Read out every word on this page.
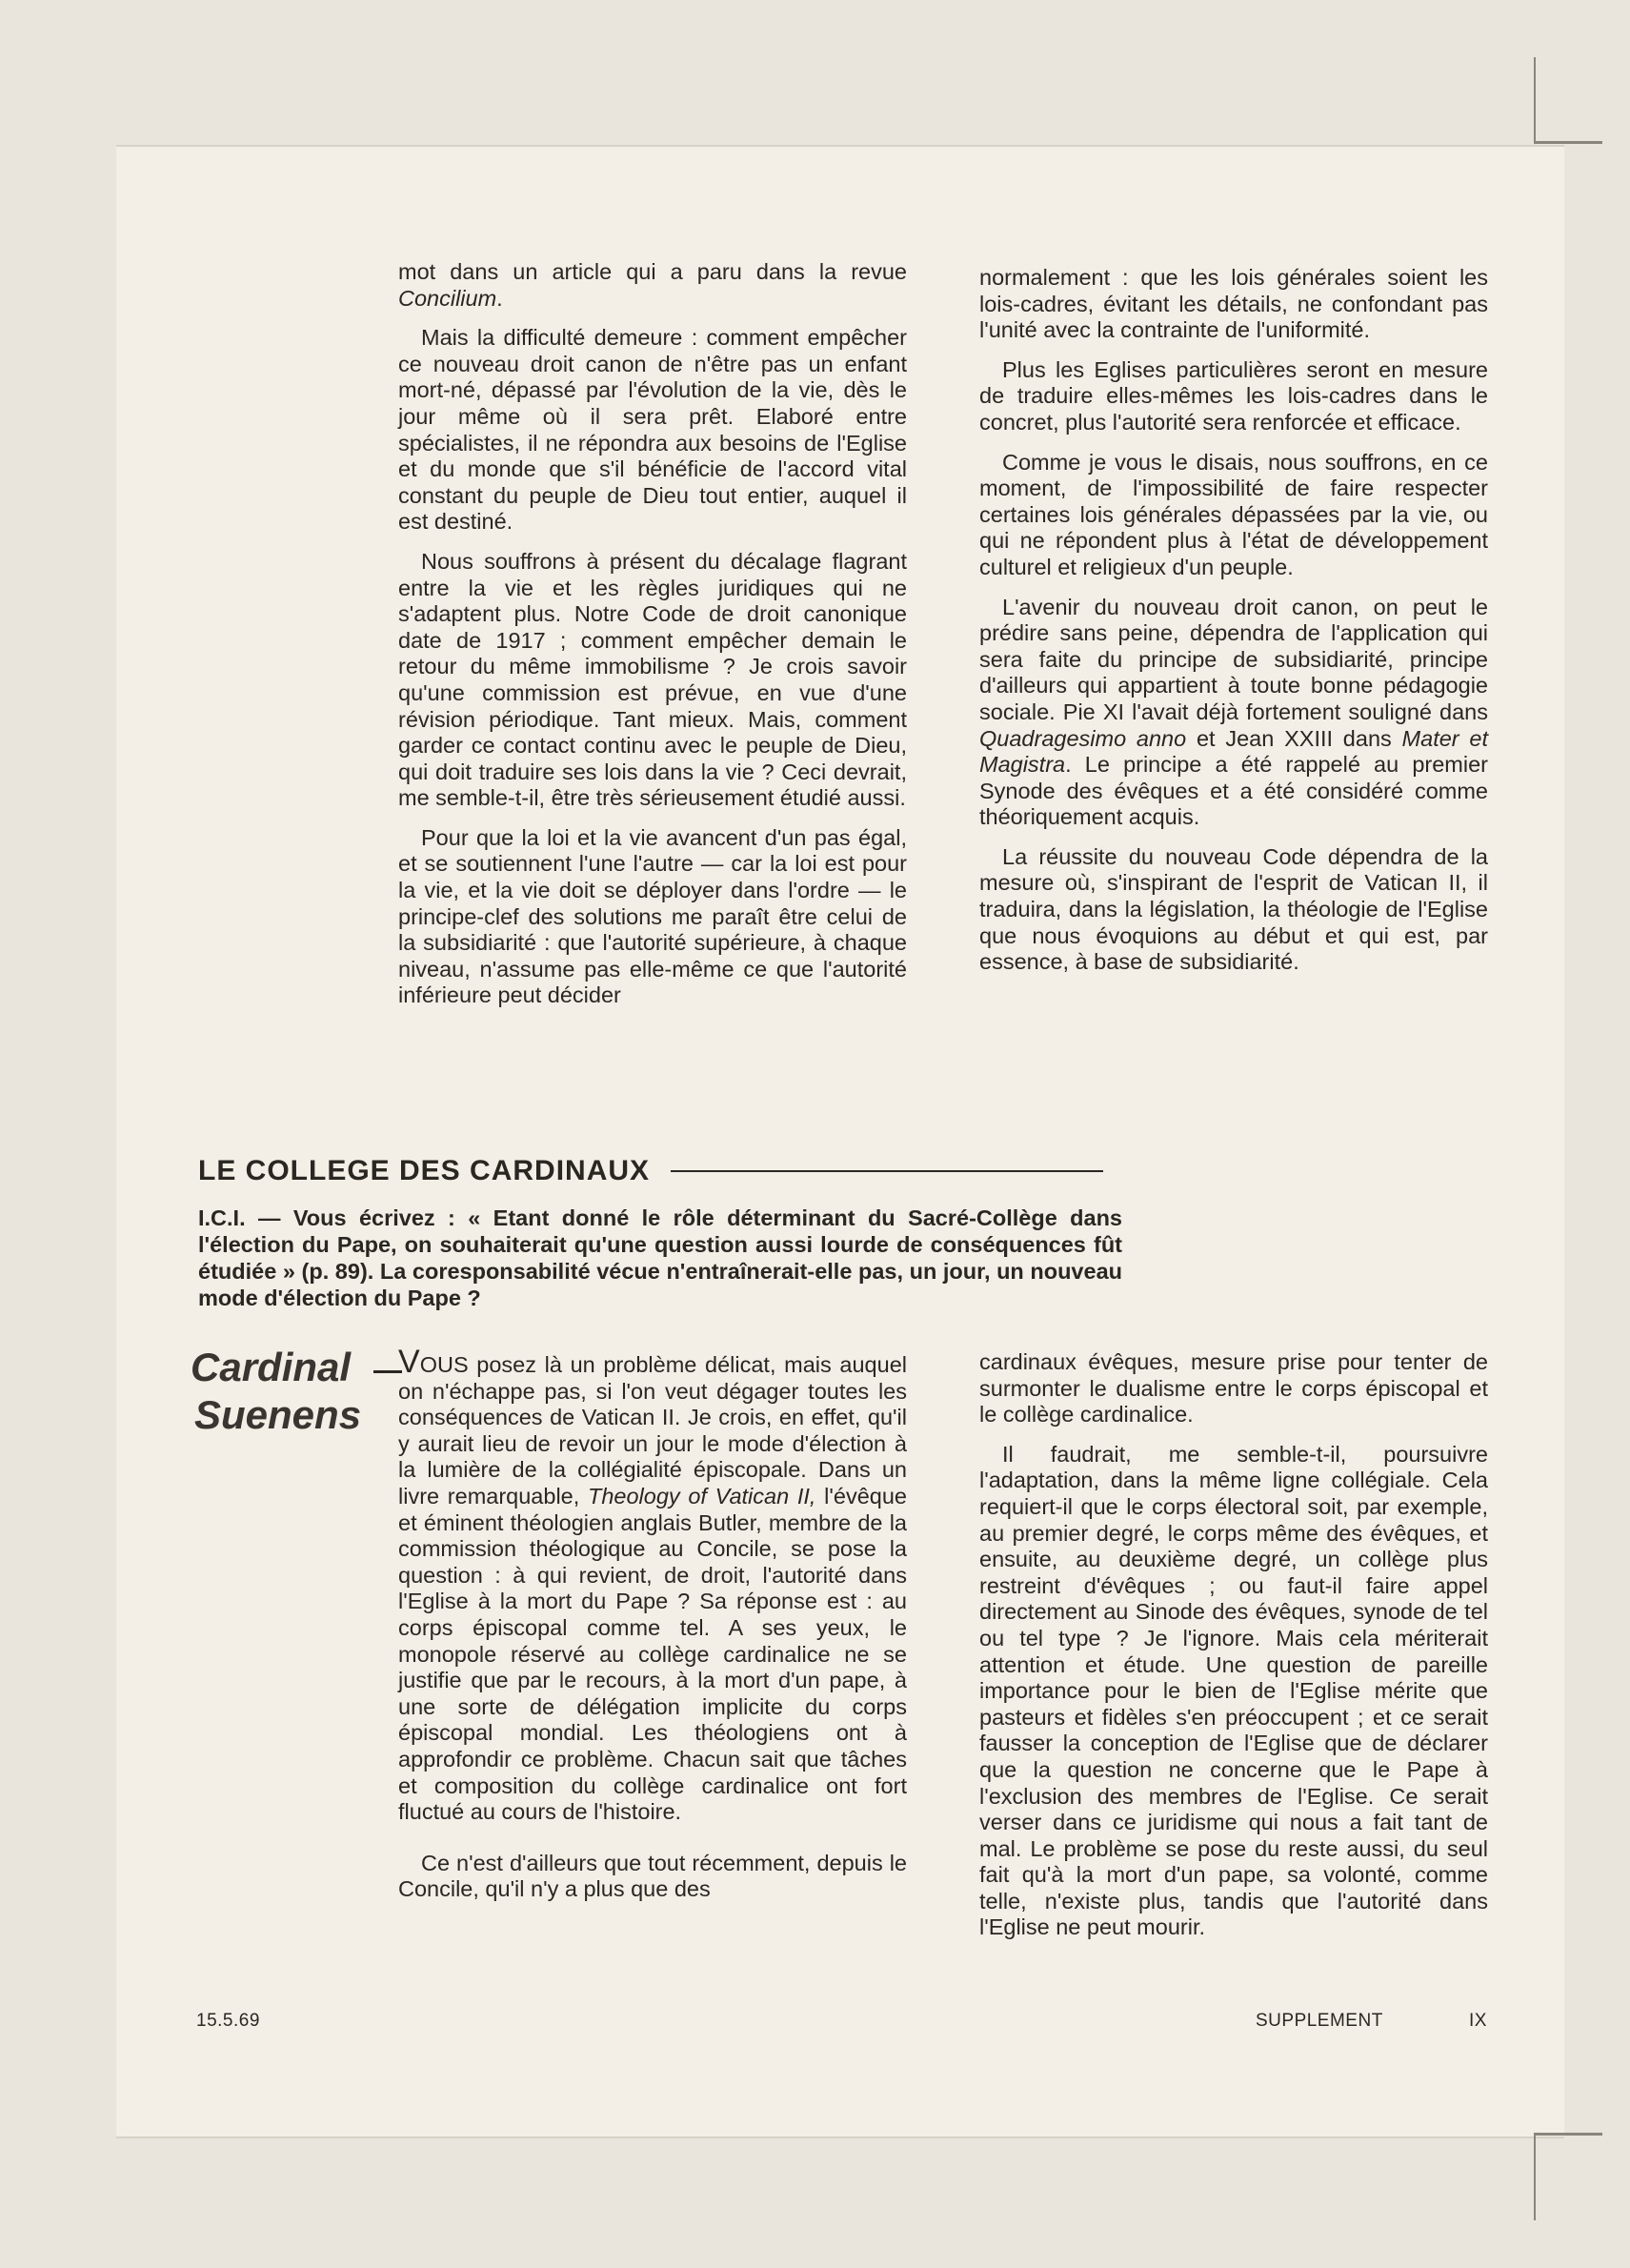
mot dans un article qui a paru dans la revue Concilium.

Mais la difficulté demeure : comment empêcher ce nouveau droit canon de n'être pas un enfant mort-né, dépassé par l'évolution de la vie, dès le jour même où il sera prêt. Elaboré entre spécialistes, il ne répondra aux besoins de l'Eglise et du monde que s'il bénéficie de l'accord vital constant du peuple de Dieu tout entier, auquel il est destiné.

Nous souffrons à présent du décalage flagrant entre la vie et les règles juridiques qui ne s'adaptent plus. Notre Code de droit canonique date de 1917 ; comment empêcher demain le retour du même immobilisme ? Je crois savoir qu'une commission est prévue, en vue d'une révision périodique. Tant mieux. Mais, comment garder ce contact continu avec le peuple de Dieu, qui doit traduire ses lois dans la vie ? Ceci devrait, me semble-t-il, être très sérieusement étudié aussi.

Pour que la loi et la vie avancent d'un pas égal, et se soutiennent l'une l'autre — car la loi est pour la vie, et la vie doit se déployer dans l'ordre — le principe-clef des solutions me paraît être celui de la subsidiarité : que l'autorité supérieure, à chaque niveau, n'assume pas elle-même ce que l'autorité inférieure peut décider

normalement : que les lois générales soient les lois-cadres, évitant les détails, ne confondant pas l'unité avec la contrainte de l'uniformité.

Plus les Eglises particulières seront en mesure de traduire elles-mêmes les lois-cadres dans le concret, plus l'autorité sera renforcée et efficace.

Comme je vous le disais, nous souffrons, en ce moment, de l'impossibilité de faire respecter certaines lois générales dépassées par la vie, ou qui ne répondent plus à l'état de développement culturel et religieux d'un peuple.

L'avenir du nouveau droit canon, on peut le prédire sans peine, dépendra de l'application qui sera faite du principe de subsidiarité, principe d'ailleurs qui appartient à toute bonne pédagogie sociale. Pie XI l'avait déjà fortement souligné dans Quadragesimo anno et Jean XXIII dans Mater et Magistra. Le principe a été rappelé au premier Synode des évêques et a été considéré comme théoriquement acquis.

La réussite du nouveau Code dépendra de la mesure où, s'inspirant de l'esprit de Vatican II, il traduira, dans la législation, la théologie de l'Eglise que nous évoquions au début et qui est, par essence, à base de subsidiarité.

LE COLLEGE DES CARDINAUX
I.C.I. — Vous écrivez : « Etant donné le rôle déterminant du Sacré-Collège dans l'élection du Pape, on souhaiterait qu'une question aussi lourde de conséquences fût étudiée » (p. 89). La coresponsabilité vécue n'entraînerait-elle pas, un jour, un nouveau mode d'élection du Pape ?
Cardinal
Suenens

VOUS posez là un problème délicat, mais auquel on n'échappe pas, si l'on veut dégager toutes les conséquences de Vatican II. Je crois, en effet, qu'il y aurait lieu de revoir un jour le mode d'élection à la lumière de la collégialité épiscopale. Dans un livre remarquable, Theology of Vatican II, l'évêque et éminent théologien anglais Butler, membre de la commission théologique au Concile, se pose la question : à qui revient, de droit, l'autorité dans l'Eglise à la mort du Pape ? Sa réponse est : au corps épiscopal comme tel. A ses yeux, le monopole réservé au collège cardinalice ne se justifie que par le recours, à la mort d'un pape, à une sorte de délégation implicite du corps épiscopal mondial. Les théologiens ont à approfondir ce problème. Chacun sait que tâches et composition du collège cardinalice ont fort fluctué au cours de l'histoire.

Ce n'est d'ailleurs que tout récemment, depuis le Concile, qu'il n'y a plus que des

cardinaux évêques, mesure prise pour tenter de surmonter le dualisme entre le corps épiscopal et le collège cardinalice.

Il faudrait, me semble-t-il, poursuivre l'adaptation, dans la même ligne collégiale. Cela requiert-il que le corps électoral soit, par exemple, au premier degré, le corps même des évêques, et ensuite, au deuxième degré, un collège plus restreint d'évêques ; ou faut-il faire appel directement au Sinode des évêques, synode de tel ou tel type ? Je l'ignore. Mais cela mériterait attention et étude. Une question de pareille importance pour le bien de l'Eglise mérite que pasteurs et fidèles s'en préoccupent ; et ce serait fausser la conception de l'Eglise que de déclarer que la question ne concerne que le Pape à l'exclusion des membres de l'Eglise. Ce serait verser dans ce juridisme qui nous a fait tant de mal. Le problème se pose du reste aussi, du seul fait qu'à la mort d'un pape, sa volonté, comme telle, n'existe plus, tandis que l'autorité dans l'Eglise ne peut mourir.

15.5.69	SUPPLEMENT	IX
